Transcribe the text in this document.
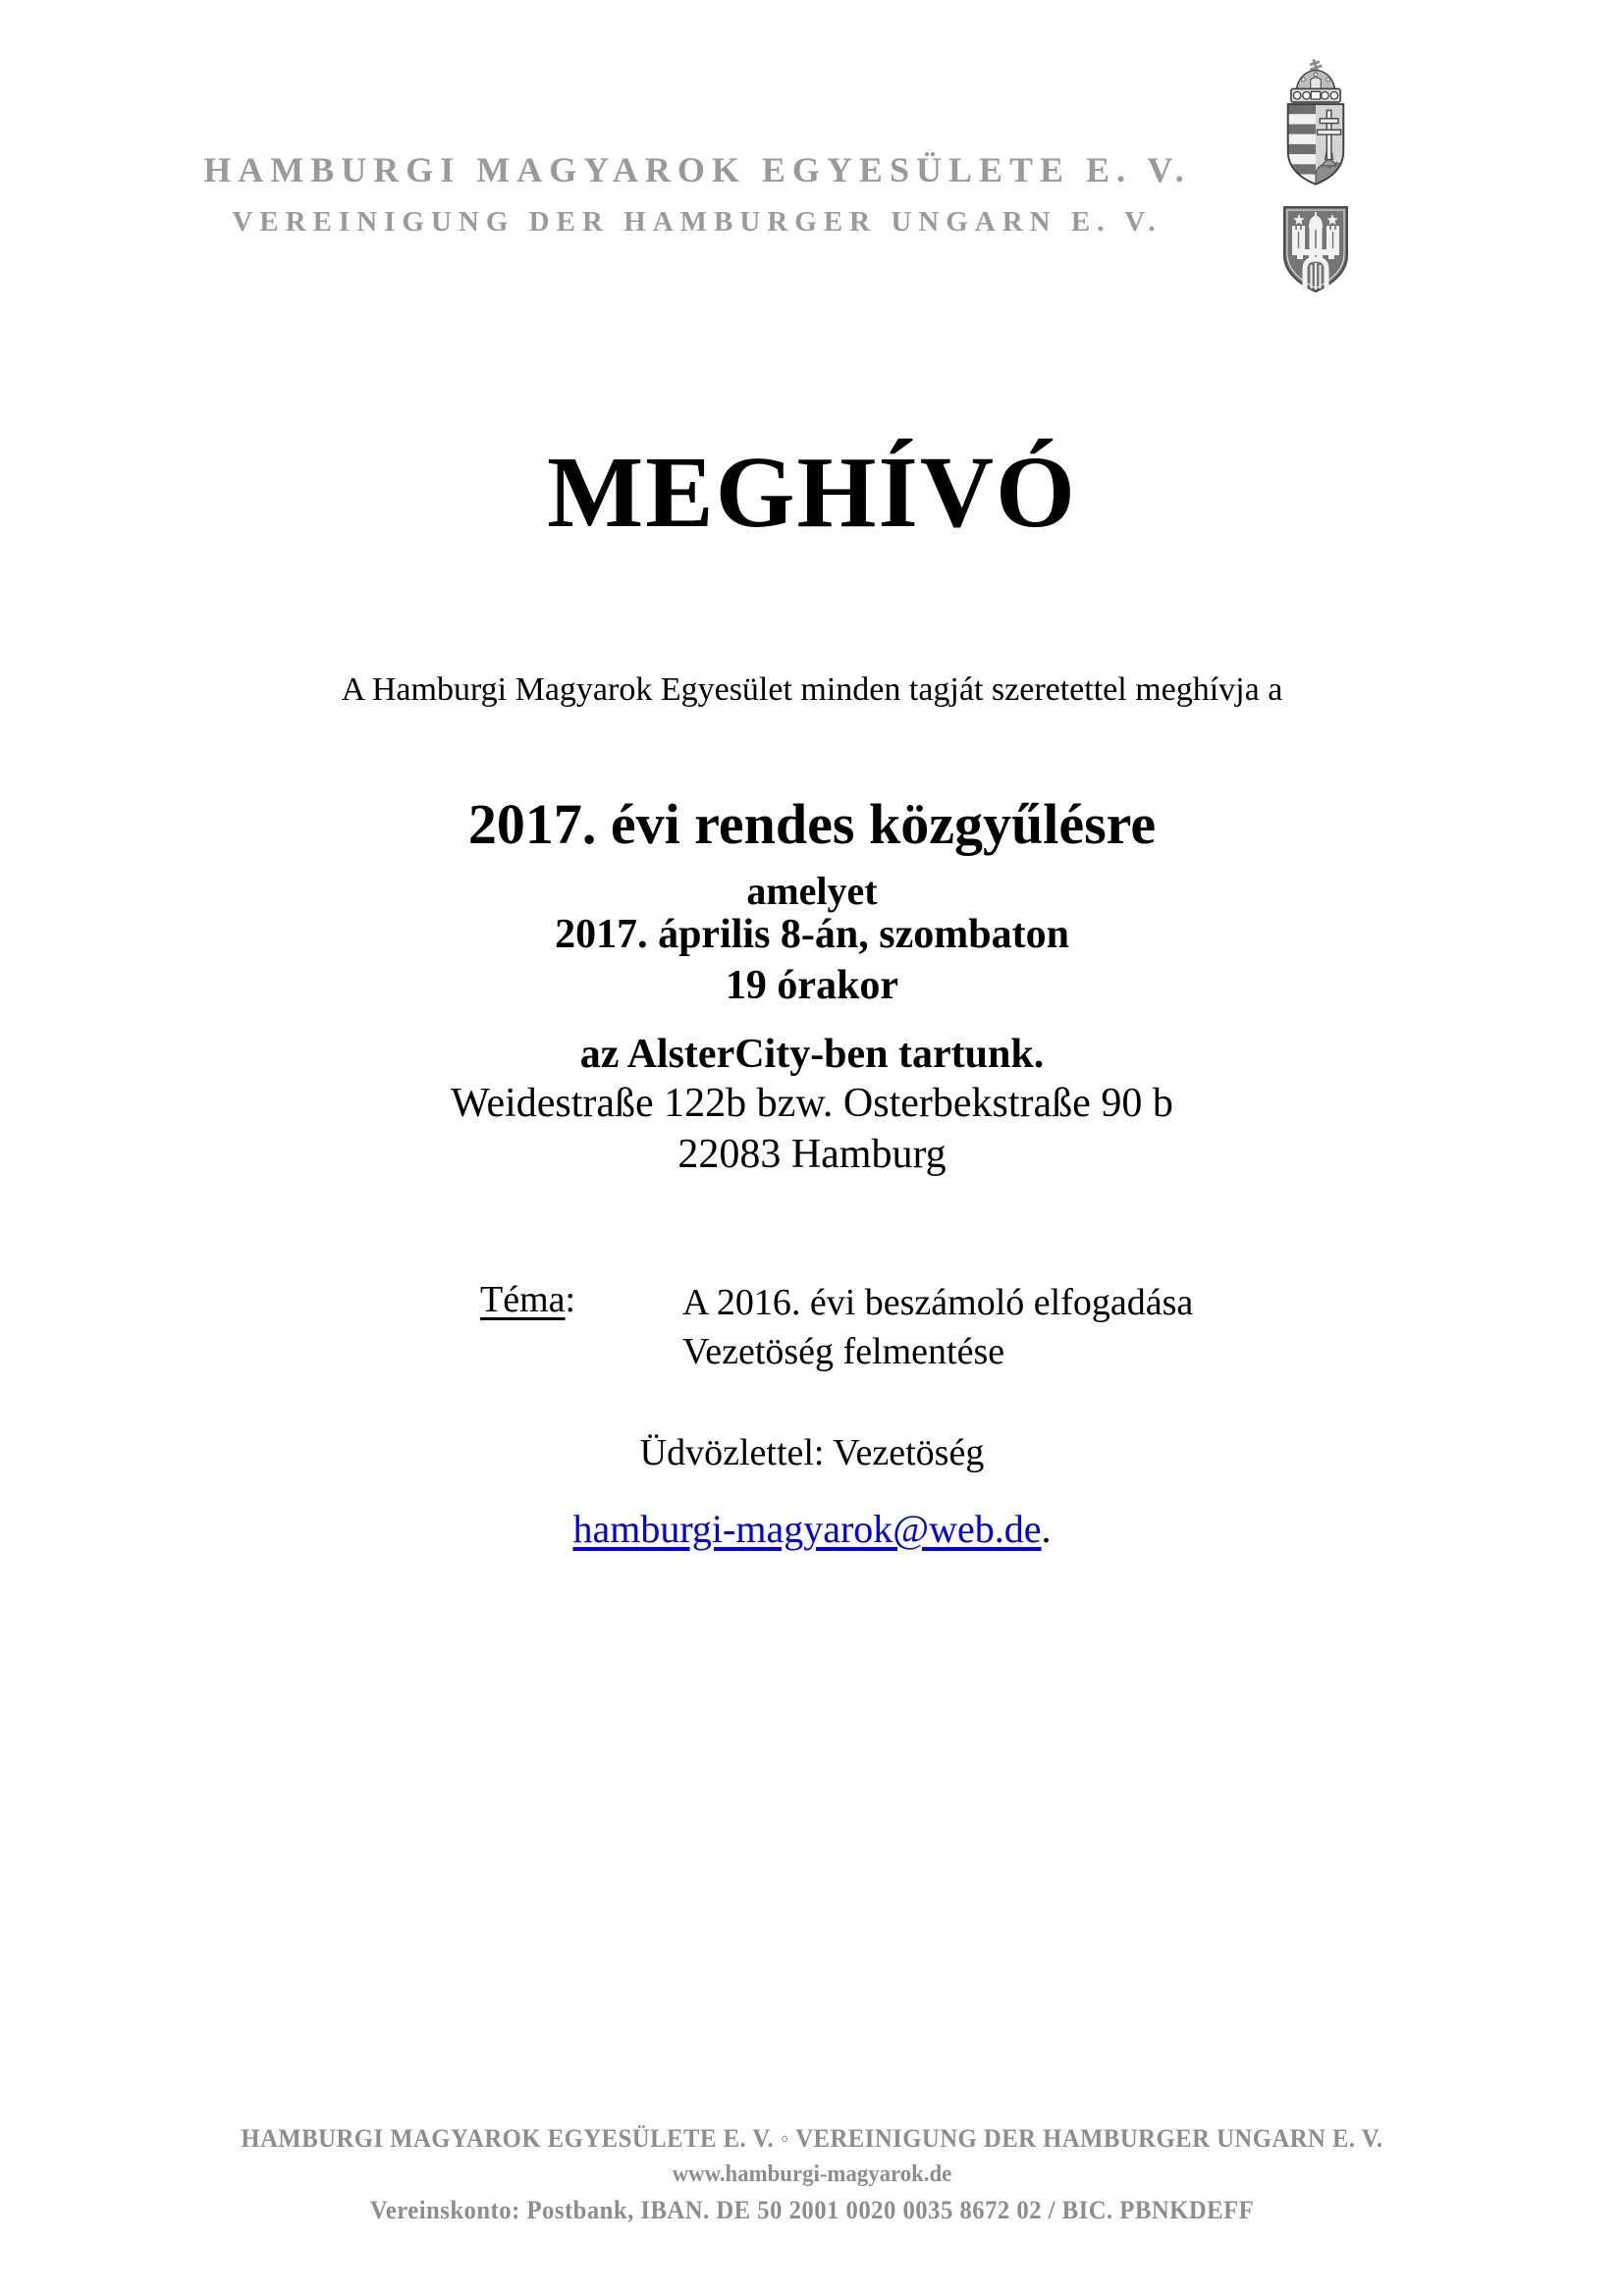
HAMBURGI MAGYAROK EGYESÜLETE E. V.
VEREINIGUNG DER HAMBURGER UNGARN E. V.
MEGHÍVÓ
A Hamburgi Magyarok Egyesület minden tagját szeretettel meghívja a
2017. évi rendes közgyűlésre
amelyet
2017. április 8-án, szombaton
19 órakor
az AlsterCity-ben tartunk.
Weidestraße 122b bzw. Osterbekstraße 90 b
22083 Hamburg
Téma:	A 2016. évi beszámoló elfogadása
Vezetöség felmentése
Üdvözlettel: Vezetöség
hamburgi-magyarok@web.de.
HAMBURGI MAGYAROK EGYESÜLETE E. V. ◦ VEREINIGUNG DER HAMBURGER UNGARN E. V.
www.hamburgi-magyarok.de
Vereinskonto: Postbank, IBAN. DE 50 2001 0020 0035 8672 02 / BIC. PBNKDEFF
